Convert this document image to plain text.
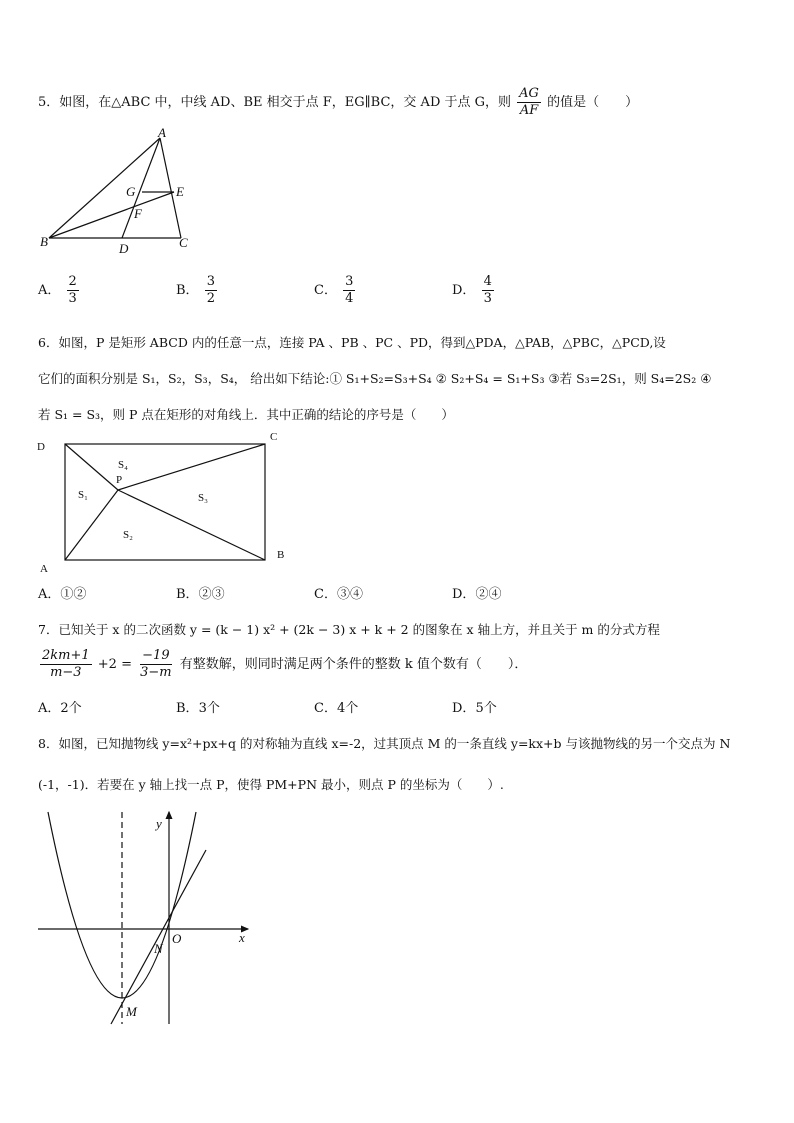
5．如图，在△ABC 中，中线 AD、BE 相交于点 F，EG∥BC，交 AD 于点 G，则 $\frac{AG}{AF}$ 的值是（　　）
A
B	C
D
E
F
G
A． $\frac{2}{3}$	B． $\frac{3}{2}$	C． $\frac{3}{4}$	D． $\frac{4}{3}$
6．如图，P 是矩形 ABCD 内的任意一点，连接 PA 、PB 、PC 、PD，得到△PDA，△PAB，△PBC，△PCD,设
它们的面积分别是 S₁，S₂，S₃，S₄， 给出如下结论:① S₁+S₂=S₃+S₄ ② S₂+S₄ = S₁+S₃ ③若 S₃=2S₁，则 S₄=2S₂ ④
若 S₁ = S₃，则 P 点在矩形的对角线上．其中正确的结论的序号是（　　）
D
C
A
B
P
S₄
S₁	S₃
S₂
A．①②	B．②③	C．③④	D．②④
7．已知关于 x 的二次函数 y = (k − 1) x² + (2k − 3) x + k + 2 的图象在 x 轴上方，并且关于 m 的分式方程
$\frac{2km+1}{m-3} +2 = \frac{-19}{3-m}$ 有整数解，则同时满足两个条件的整数 k 值个数有（　　）．
A．2个	B．3个	C．4个	D．5个
8．如图，已知抛物线 y=x²+px+q 的对称轴为直线 x=-2，过其顶点 M 的一条直线 y=kx+b 与该抛物线的另一个交点为 N
(-1，-1)．若要在 y 轴上找一点 P，使得 PM+PN 最小，则点 P 的坐标为（　　）.
y
x
O
N
M
